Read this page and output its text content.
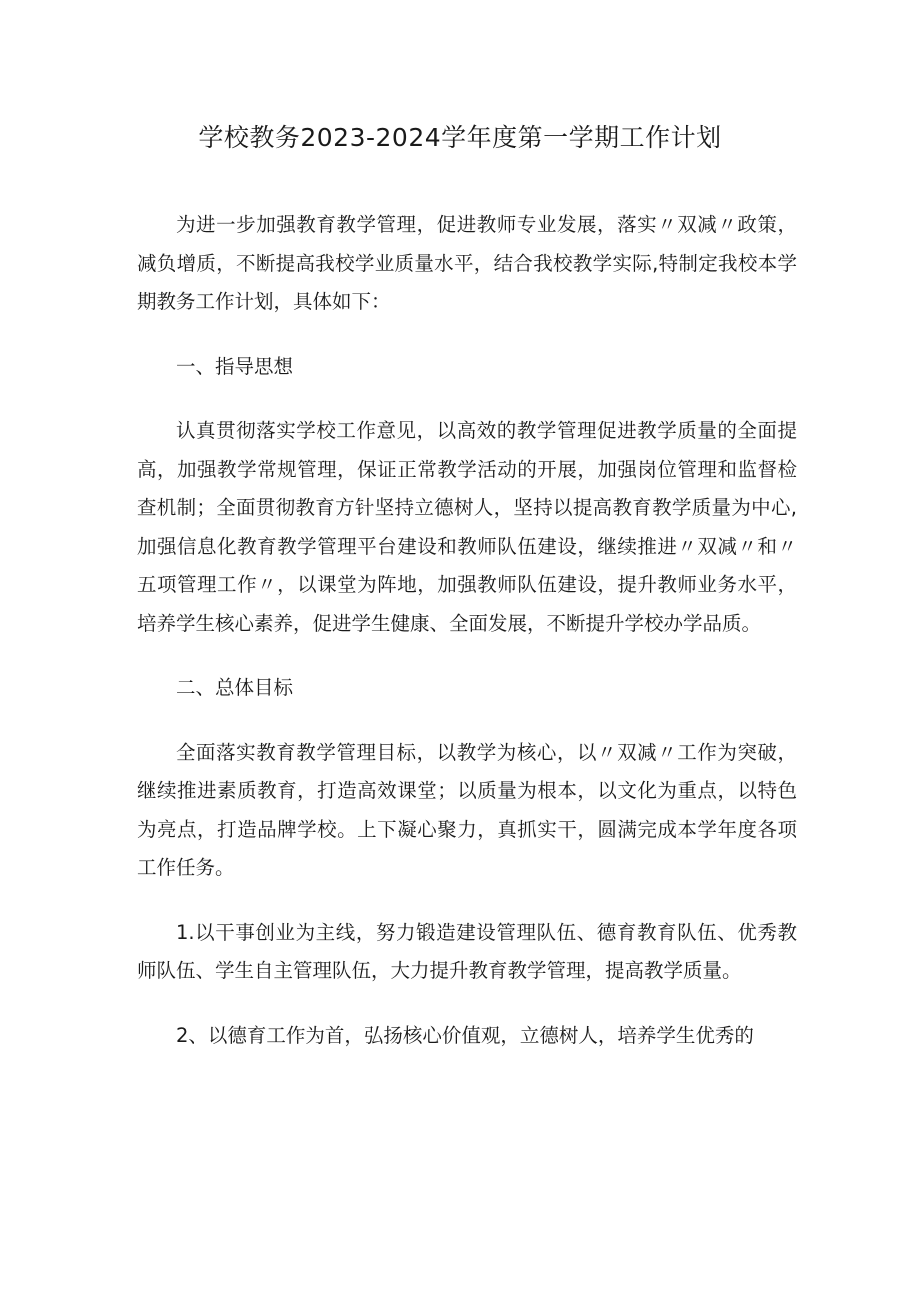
学校教务2023-2024学年度第一学期工作计划

为进一步加强教育教学管理，促进教师专业发展，落实〃双减〃政策，减负增质，不断提高我校学业质量水平，结合我校教学实际,特制定我校本学期教务工作计划，具体如下：

一、指导思想

认真贯彻落实学校工作意见，以高效的教学管理促进教学质量的全面提高，加强教学常规管理，保证正常教学活动的开展，加强岗位管理和监督检查机制；全面贯彻教育方针坚持立德树人，坚持以提高教育教学质量为中心,加强信息化教育教学管理平台建设和教师队伍建设，继续推进〃双减〃和〃五项管理工作〃，以课堂为阵地，加强教师队伍建设，提升教师业务水平，培养学生核心素养，促进学生健康、全面发展，不断提升学校办学品质。

二、总体目标

全面落实教育教学管理目标，以教学为核心，以〃双减〃工作为突破，继续推进素质教育，打造高效课堂；以质量为根本，以文化为重点，以特色为亮点，打造品牌学校。上下凝心聚力，真抓实干，圆满完成本学年度各项工作任务。

1.以干事创业为主线，努力锻造建设管理队伍、德育教育队伍、优秀教师队伍、学生自主管理队伍，大力提升教育教学管理，提高教学质量。

2、以德育工作为首，弘扬核心价值观，立德树人，培养学生优秀的
